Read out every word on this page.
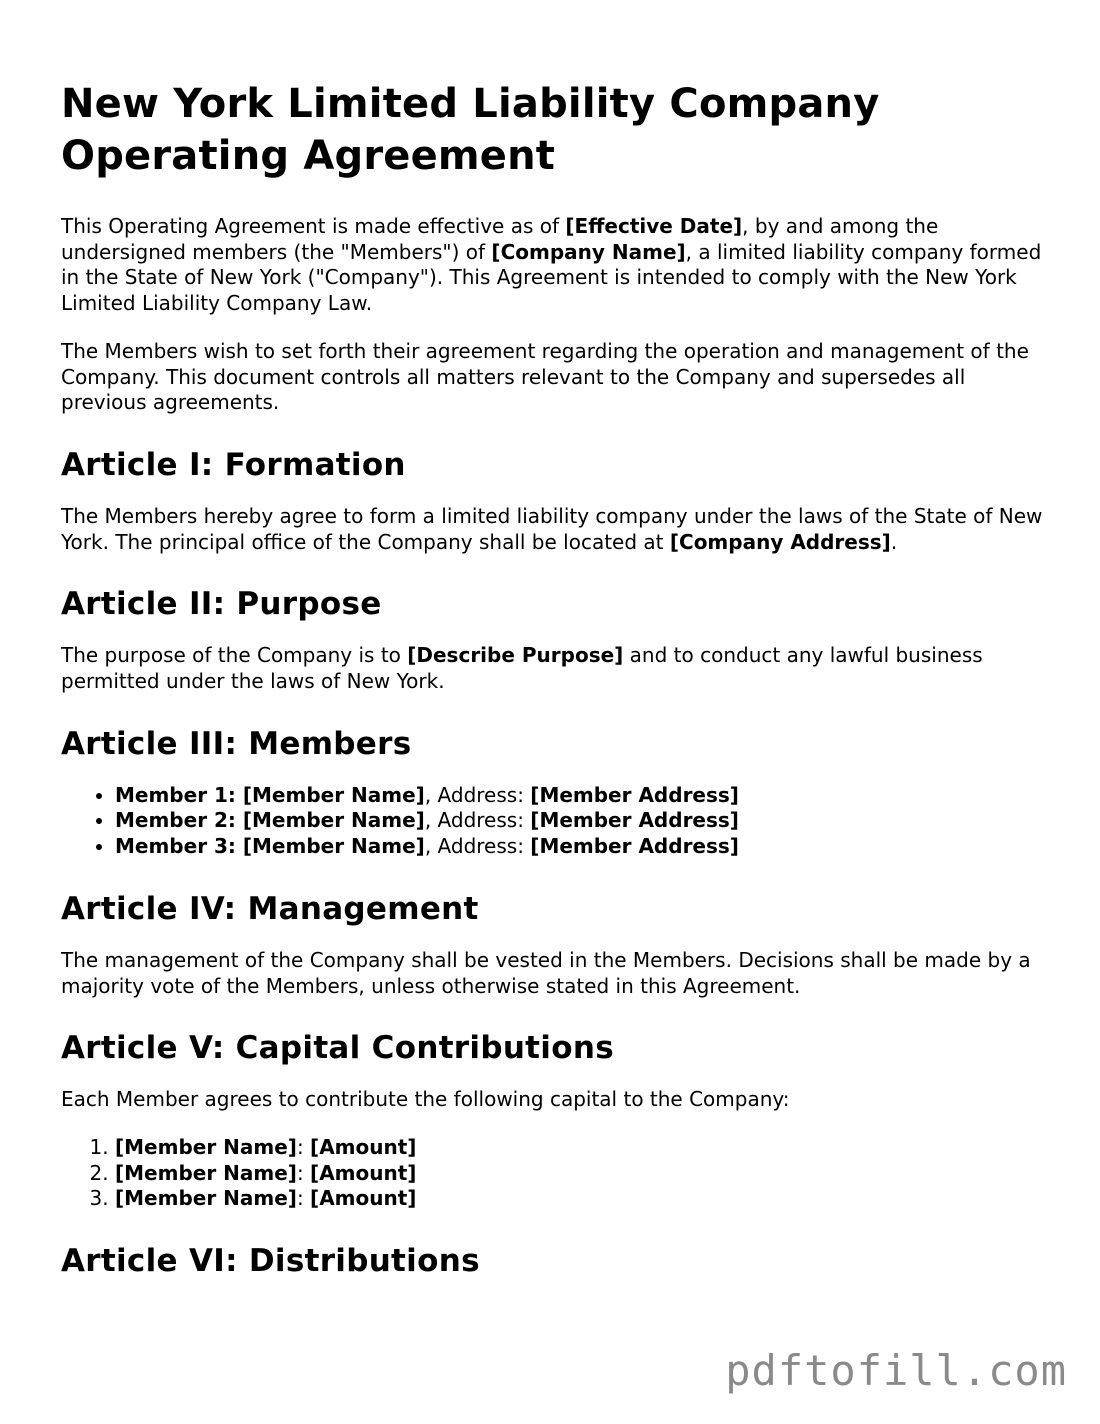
New York Limited Liability Company Operating Agreement

This Operating Agreement is made effective as of [Effective Date], by and among the undersigned members (the "Members") of [Company Name], a limited liability company formed in the State of New York ("Company"). This Agreement is intended to comply with the New York Limited Liability Company Law.

The Members wish to set forth their agreement regarding the operation and management of the Company. This document controls all matters relevant to the Company and supersedes all previous agreements.

Article I: Formation

The Members hereby agree to form a limited liability company under the laws of the State of New York. The principal office of the Company shall be located at [Company Address].

Article II: Purpose

The purpose of the Company is to [Describe Purpose] and to conduct any lawful business permitted under the laws of New York.

Article III: Members
• Member 1: [Member Name], Address: [Member Address]
• Member 2: [Member Name], Address: [Member Address]
• Member 3: [Member Name], Address: [Member Address]
Article IV: Management

The management of the Company shall be vested in the Members. Decisions shall be made by a majority vote of the Members, unless otherwise stated in this Agreement.

Article V: Capital Contributions

Each Member agrees to contribute the following capital to the Company:

1. [Member Name]: [Amount]
2. [Member Name]: [Amount]
3. [Member Name]: [Amount]
Article VI: Distributions
pdftofill.com
